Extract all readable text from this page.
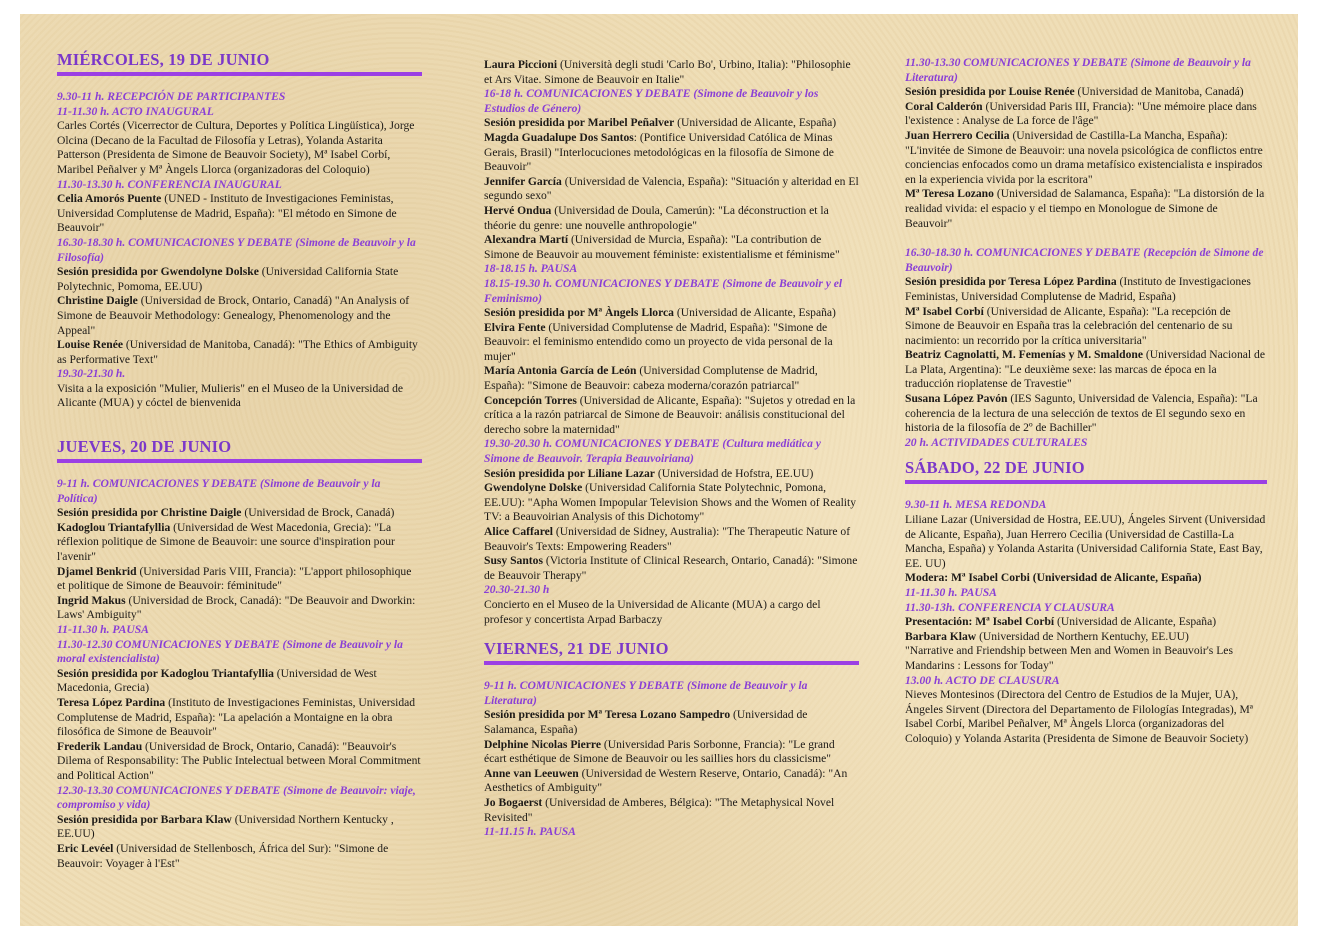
MIÉRCOLES, 19 DE JUNIO
9.30-11 h. RECEPCIÓN DE PARTICIPANTES
11-11.30 h. ACTO INAUGURAL
Carles Cortés (Vicerrector de Cultura, Deportes y Política Lingüística), Jorge Olcina (Decano de la Facultad de Filosofía y Letras), Yolanda Astarita Patterson (Presidenta de Simone de Beauvoir Society), Mª Isabel Corbí, Maribel Peñalver y Mª Àngels Llorca (organizadoras del Coloquio)
11.30-13.30 h. CONFERENCIA INAUGURAL
Celia Amorós Puente (UNED - Instituto de Investigaciones Feministas, Universidad Complutense de Madrid, España): "El método en Simone de Beauvoir"
16.30-18.30 h. COMUNICACIONES Y DEBATE (Simone de Beauvoir y la Filosofía)
Sesión presidida por Gwendolyne Dolske (Universidad California State Polytechnic, Pomoma, EE.UU)
Christine Daigle (Universidad de Brock, Ontario, Canadá) "An Analysis of Simone de Beauvoir Methodology: Genealogy, Phenomenology and the Appeal"
Louise Renée (Universidad de Manitoba, Canadá): "The Ethics of Ambiguity as Performative Text"
19.30-21.30 h.
Visita a la exposición "Mulier, Mulieris" en el Museo de la Universidad de Alicante (MUA) y cóctel de bienvenida
JUEVES, 20 DE JUNIO
9-11 h. COMUNICACIONES Y DEBATE (Simone de Beauvoir y la Política)
Sesión presidida por Christine Daigle (Universidad de Brock, Canadá)
Kadoglou Triantafyllia (Universidad de West Macedonia, Grecia): "La réflexion politique de Simone de Beauvoir: une source d'inspiration pour l'avenir"
Djamel Benkrid (Universidad Paris VIII, Francia): "L'apport philosophique et politique de Simone de Beauvoir: féminitude"
Ingrid Makus (Universidad de Brock, Canadá): "De Beauvoir and Dworkin: Laws' Ambiguity"
11-11.30 h. PAUSA
11.30-12.30 COMUNICACIONES Y DEBATE (Simone de Beauvoir y la moral existencialista)
Sesión presidida por Kadoglou Triantafyllia (Universidad de West Macedonia, Grecia)
Teresa López Pardina (Instituto de Investigaciones Feministas, Universidad Complutense de Madrid, España): "La apelación a Montaigne en la obra filosófica de Simone de Beauvoir"
Frederik Landau (Universidad de Brock, Ontario, Canadá): "Beauvoir's Dilema of Responsability: The Public Intelectual between Moral Commitment and Political Action"
12.30-13.30 COMUNICACIONES Y DEBATE (Simone de Beauvoir: viaje, compromiso y vida)
Sesión presidida por Barbara Klaw (Universidad Northern Kentucky , EE.UU)
Eric Levéel (Universidad de Stellenbosch, África del Sur): "Simone de Beauvoir: Voyager à l'Est"
Laura Piccioni (Università degli studi 'Carlo Bo', Urbino, Italia): "Philosophie et Ars Vitae. Simone de Beauvoir en Italie"
16-18 h. COMUNICACIONES Y DEBATE (Simone de Beauvoir y los Estudios de Género)
Sesión presidida por Maribel Peñalver (Universidad de Alicante, España)
Magda Guadalupe Dos Santos: (Pontifice Universidad Católica de Minas Gerais, Brasil) "Interlocuciones metodológicas en la filosofía de Simone de Beauvoir"
Jennifer García (Universidad de Valencia, España): "Situación y alteridad en El segundo sexo"
Hervé Ondua (Universidad de Doula, Camerún): "La déconstruction et la théorie du genre: une nouvelle anthropologie"
Alexandra Martí (Universidad de Murcia, España): "La contribution de Simone de Beauvoir au mouvement féministe: existentialisme et féminisme"
18-18.15 h. PAUSA
18.15-19.30 h. COMUNICACIONES Y DEBATE (Simone de Beauvoir y el Feminismo)
Sesión presidida por Mª Àngels Llorca (Universidad de Alicante, España)
Elvira Fente (Universidad Complutense de Madrid, España): "Simone de Beauvoir: el feminismo entendido como un proyecto de vida personal de la mujer"
María Antonia García de León (Universidad Complutense de Madrid, España): "Simone de Beauvoir: cabeza moderna/corazón patriarcal"
Concepción Torres (Universidad de Alicante, España): "Sujetos y otredad en la crítica a la razón patriarcal de Simone de Beauvoir: análisis constitucional del derecho sobre la maternidad"
19.30-20.30 h. COMUNICACIONES Y DEBATE (Cultura mediática y Simone de Beauvoir. Terapia Beauvoiriana)
Sesión presidida por Liliane Lazar (Universidad de Hofstra, EE.UU)
Gwendolyne Dolske (Universidad California State Polytechnic, Pomona, EE.UU): "Apha Women Impopular Television Shows and the Women of Reality TV: a Beauvoirian Analysis of this Dichotomy"
Alice Caffarel (Universidad de Sidney, Australia): "The Therapeutic Nature of Beauvoir's Texts: Empowering Readers"
Susy Santos (Victoria Institute of Clinical Research, Ontario, Canadá): "Simone de Beauvoir Therapy"
20.30-21.30 h
Concierto en el Museo de la Universidad de Alicante (MUA) a cargo del profesor y concertista Arpad Barbaczy
VIERNES, 21 DE JUNIO
9-11 h. COMUNICACIONES Y DEBATE (Simone de Beauvoir y la Literatura)
Sesión presidida por Mª Teresa Lozano Sampedro (Universidad de Salamanca, España)
Delphine Nicolas Pierre (Universidad Paris Sorbonne, Francia): "Le grand écart esthétique de Simone de Beauvoir ou les saillies hors du classicisme"
Anne van Leeuwen (Universidad de Western Reserve, Ontario, Canadá): "An Aesthetics of Ambiguity"
Jo Bogaerst (Universidad de Amberes, Bélgica): "The Metaphysical Novel Revisited"
11-11.15 h. PAUSA
11.30-13.30 COMUNICACIONES Y DEBATE (Simone de Beauvoir y la Literatura)
Sesión presidida por Louise Renée (Universidad de Manitoba, Canadá)
Coral Calderón (Universidad Paris III, Francia): "Une mémoire place dans l'existence : Analyse de La force de l'âge"
Juan Herrero Cecilia (Universidad de Castilla-La Mancha, España): "L'invitée de Simone de Beauvoir: una novela psicológica de conflictos entre conciencias enfocados como un drama metafísico existencialista e inspirados en la experiencia vivida por la escritora"
Mª Teresa Lozano (Universidad de Salamanca, España): "La distorsión de la realidad vivida: el espacio y el tiempo en Monologue de Simone de Beauvoir"
16.30-18.30 h. COMUNICACIONES Y DEBATE (Recepción de Simone de Beauvoir)
Sesión presidida por Teresa López Pardina (Instituto de Investigaciones Feministas, Universidad Complutense de Madrid, España)
Mª Isabel Corbí (Universidad de Alicante, España): "La recepción de Simone de Beauvoir en España tras la celebración del centenario de su nacimiento: un recorrido por la crítica universitaria"
Beatriz Cagnolatti, M. Femenías y M. Smaldone (Universidad Nacional de La Plata, Argentina): "Le deuxième sexe: las marcas de época en la traducción rioplatense de Travestie"
Susana López Pavón (IES Sagunto, Universidad de Valencia, España): "La coherencia de la lectura de una selección de textos de El segundo sexo en historia de la filosofía de 2º de Bachiller"
20 h. ACTIVIDADES CULTURALES
SÁBADO, 22 DE JUNIO
9.30-11 h. MESA REDONDA
Liliane Lazar (Universidad de Hostra, EE.UU), Ángeles Sirvent (Universidad de Alicante, España), Juan Herrero Cecilia (Universidad de Castilla-La Mancha, España) y Yolanda Astarita (Universidad California State, East Bay, EE. UU)
Modera: Mª Isabel Corbi (Universidad de Alicante, España)
11-11.30 h. PAUSA
11.30-13h. CONFERENCIA Y CLAUSURA
Presentación: Mª Isabel Corbí (Universidad de Alicante, España)
Barbara Klaw (Universidad de Northern Kentuchy, EE.UU)
"Narrative and Friendship between Men and Women in Beauvoir's Les Mandarins : Lessons for Today"
13.00 h. ACTO DE CLAUSURA
Nieves Montesinos (Directora del Centro de Estudios de la Mujer, UA), Ángeles Sirvent (Directora del Departamento de Filologías Integradas), Mª Isabel Corbí, Maribel Peñalver, Mª Àngels Llorca (organizadoras del Coloquio) y Yolanda Astarita (Presidenta de Simone de Beauvoir Society)
